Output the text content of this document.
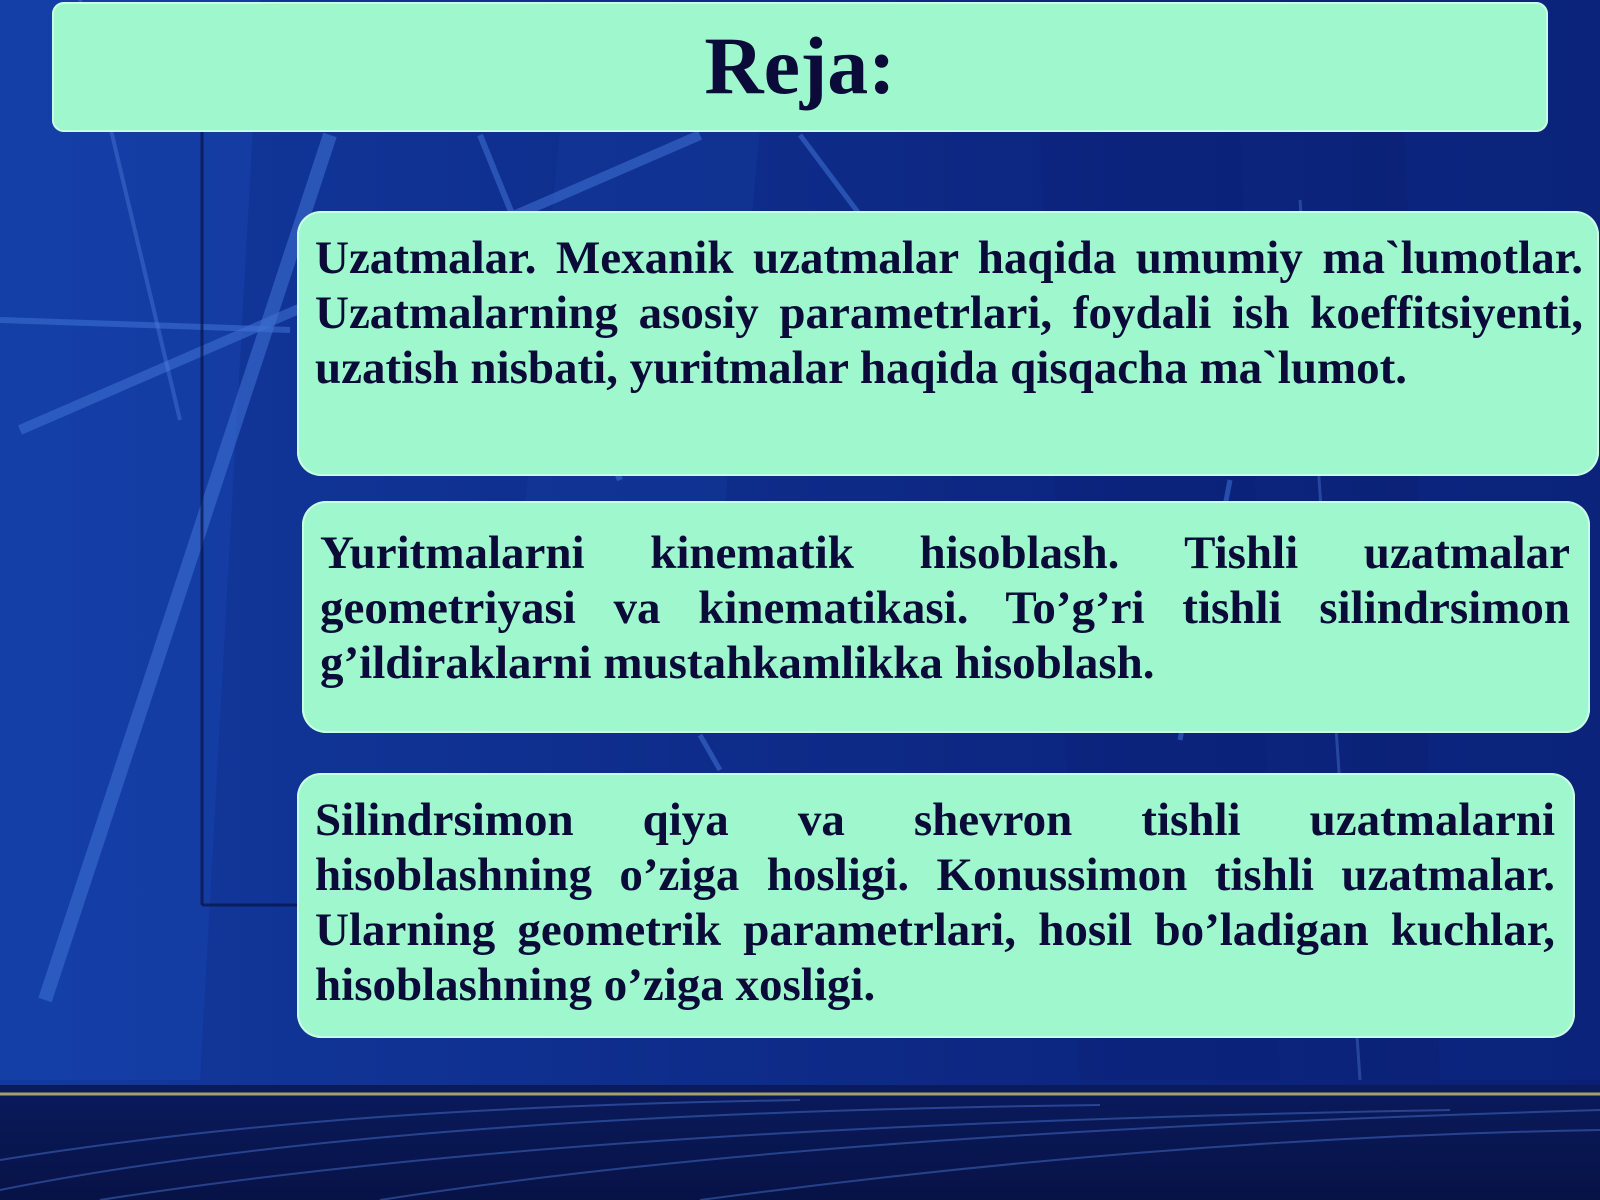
Reja:

Uzatmalar. Mexanik uzatmalar haqida umumiy ma`lumotlar. Uzatmalarning asosiy parametrlari, foydali ish koeffitsiyenti, uzatish nisbati, yuritmalar haqida qisqacha ma`lumot.

Yuritmalarni kinematik hisoblash. Tishli uzatmalar geometriyasi va kinematikasi. To’g’ri tishli silindrsimon g’ildiraklarni mustahkamlikka hisoblash.

Silindrsimon qiya va shevron tishli uzatmalarni hisoblashning o’ziga hosligi. Konussimon tishli uzatmalar. Ularning geometrik parametrlari, hosil bo’ladigan kuchlar, hisoblashning o’ziga xosligi.
